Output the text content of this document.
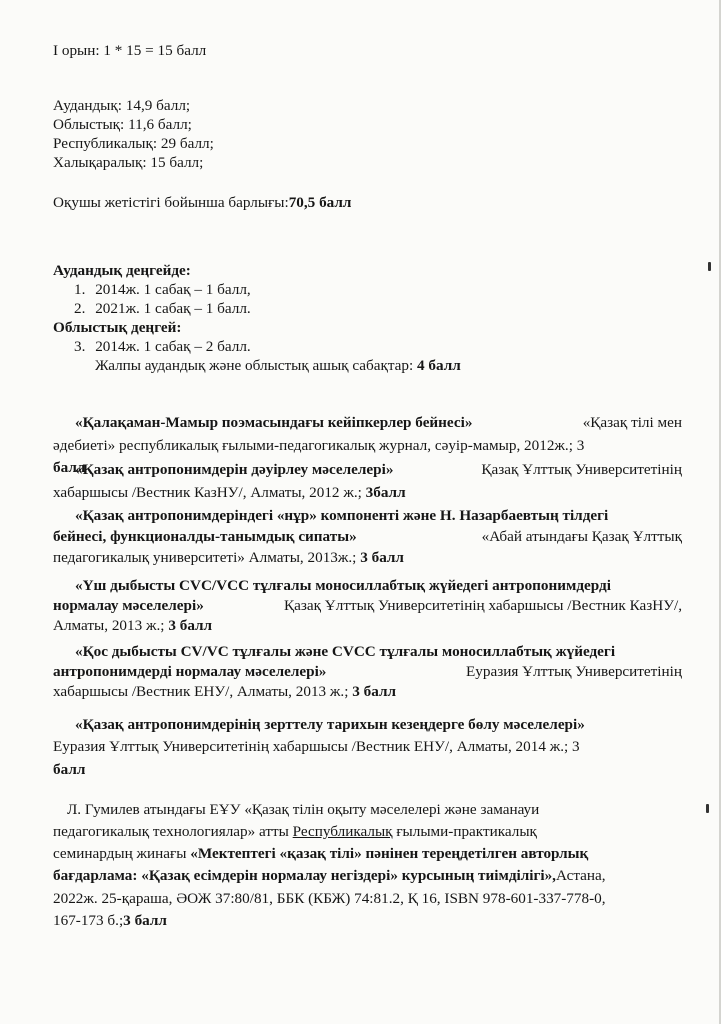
I орын: 1 * 15 = 15 балл
Аудандық: 14,9 балл;
Облыстық: 11,6 балл;
Республикалық: 29 балл;
Халықаралық: 15 балл;
Оқушы жетістігі бойынша барлығы:70,5 балл
Аудандық деңгейде:
1. 2014ж. 1 сабақ – 1 балл,
2. 2021ж. 1 сабақ – 1 балл.
Облыстық деңгей:
3. 2014ж. 1 сабақ – 2 балл.
Жалпы аудандық және облыстық ашық сабақтар: 4 балл
«Қалақаман-Мамыр поэмасындағы кейіпкерлер бейнесі»	«Қазақ тілі мен
әдебиеті» республикалық ғылыми-педагогикалық журнал, сәуір-мамыр, 2012ж.; 3
балл
«Қазақ антропонимдерін дәуірлеу мәселелері»	Қазақ Ұлттық Университетінің
хабаршысы /Вестник КазНУ/, Алматы, 2012 ж.; 3балл
«Қазақ антропонимдеріндегі «нұр» компоненті және Н. Назарбаевтың тілдегі
бейнесі, функционалды-танымдық сипаты»	«Абай атындағы Қазақ Ұлттық
педагогикалық университеті» Алматы, 2013ж.; 3 балл
«Үш дыбысты CVC/VCC тұлғалы моносиллабтық жүйедегі антропонимдерді
нормалау мәселелері»	Қазақ Ұлттық Университетінің хабаршысы /Вестник КазНУ/,
Алматы, 2013 ж.; 3 балл
«Қос дыбысты CV/VC тұлғалы және CVCC тұлғалы моносиллабтық жүйедегі
антропонимдерді нормалау мәселелері»	Еуразия Ұлттық Университетінің
хабаршысы /Вестник ЕНУ/, Алматы, 2013 ж.; 3 балл
«Қазақ антропонимдерінің зерттелу тарихын кезеңдерге бөлу мәселелері»
Еуразия Ұлттық Университетінің хабаршысы /Вестник ЕНУ/, Алматы, 2014 ж.; 3
балл
Л. Гумилев атындағы ЕҰУ «Қазақ тілін оқыту мәселелері және заманауи
педагогикалық технологиялар» атты Республикалық ғылыми-практикалық
семинардың жинағы «Мектептегі «қазақ тілі» пәнінен тереңдетілген авторлық
бағдарлама: «Қазақ есімдерін нормалау негіздері» курсының тиімділігі»,Астана,
2022ж. 25-қараша, ӘОЖ 37:80/81, ББК (КБЖ) 74:81.2, Қ 16, ISBN 978-601-337-778-0,
167-173 б.;3 балл
